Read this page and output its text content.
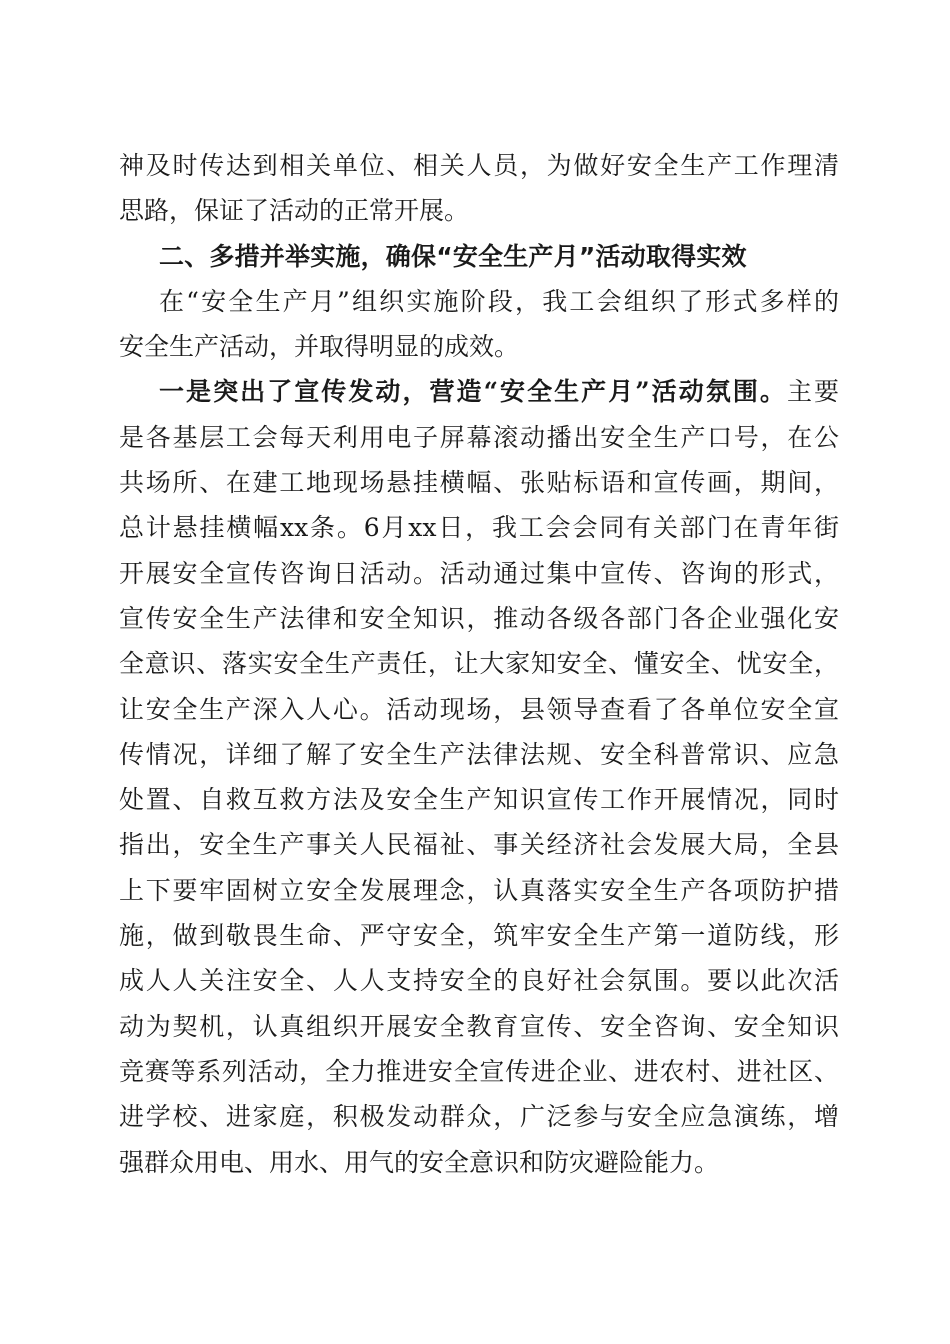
神及时传达到相关单位、相关人员，为做好安全生产工作理清
思路，保证了活动的正常开展。
二、多措并举实施，确保“安全生产月”活动取得实效
在“安全生产月”组织实施阶段，我工会组织了形式多样的
安全生产活动，并取得明显的成效。
一是突出了宣传发动，营造“安全生产月”活动氛围。主要
是各基层工会每天利用电子屏幕滚动播出安全生产口号，在公
共场所、在建工地现场悬挂横幅、张贴标语和宣传画，期间，
总计悬挂横幅xx条。6月xx日，我工会会同有关部门在青年街
开展安全宣传咨询日活动。活动通过集中宣传、咨询的形式，
宣传安全生产法律和安全知识，推动各级各部门各企业强化安
全意识、落实安全生产责任，让大家知安全、懂安全、忧安全，
让安全生产深入人心。活动现场，县领导查看了各单位安全宣
传情况，详细了解了安全生产法律法规、安全科普常识、应急
处置、自救互救方法及安全生产知识宣传工作开展情况，同时
指出，安全生产事关人民福祉、事关经济社会发展大局，全县
上下要牢固树立安全发展理念，认真落实安全生产各项防护措
施，做到敬畏生命、严守安全，筑牢安全生产第一道防线，形
成人人关注安全、人人支持安全的良好社会氛围。要以此次活
动为契机，认真组织开展安全教育宣传、安全咨询、安全知识
竞赛等系列活动，全力推进安全宣传进企业、进农村、进社区、
进学校、进家庭，积极发动群众，广泛参与安全应急演练，增
强群众用电、用水、用气的安全意识和防灾避险能力。
